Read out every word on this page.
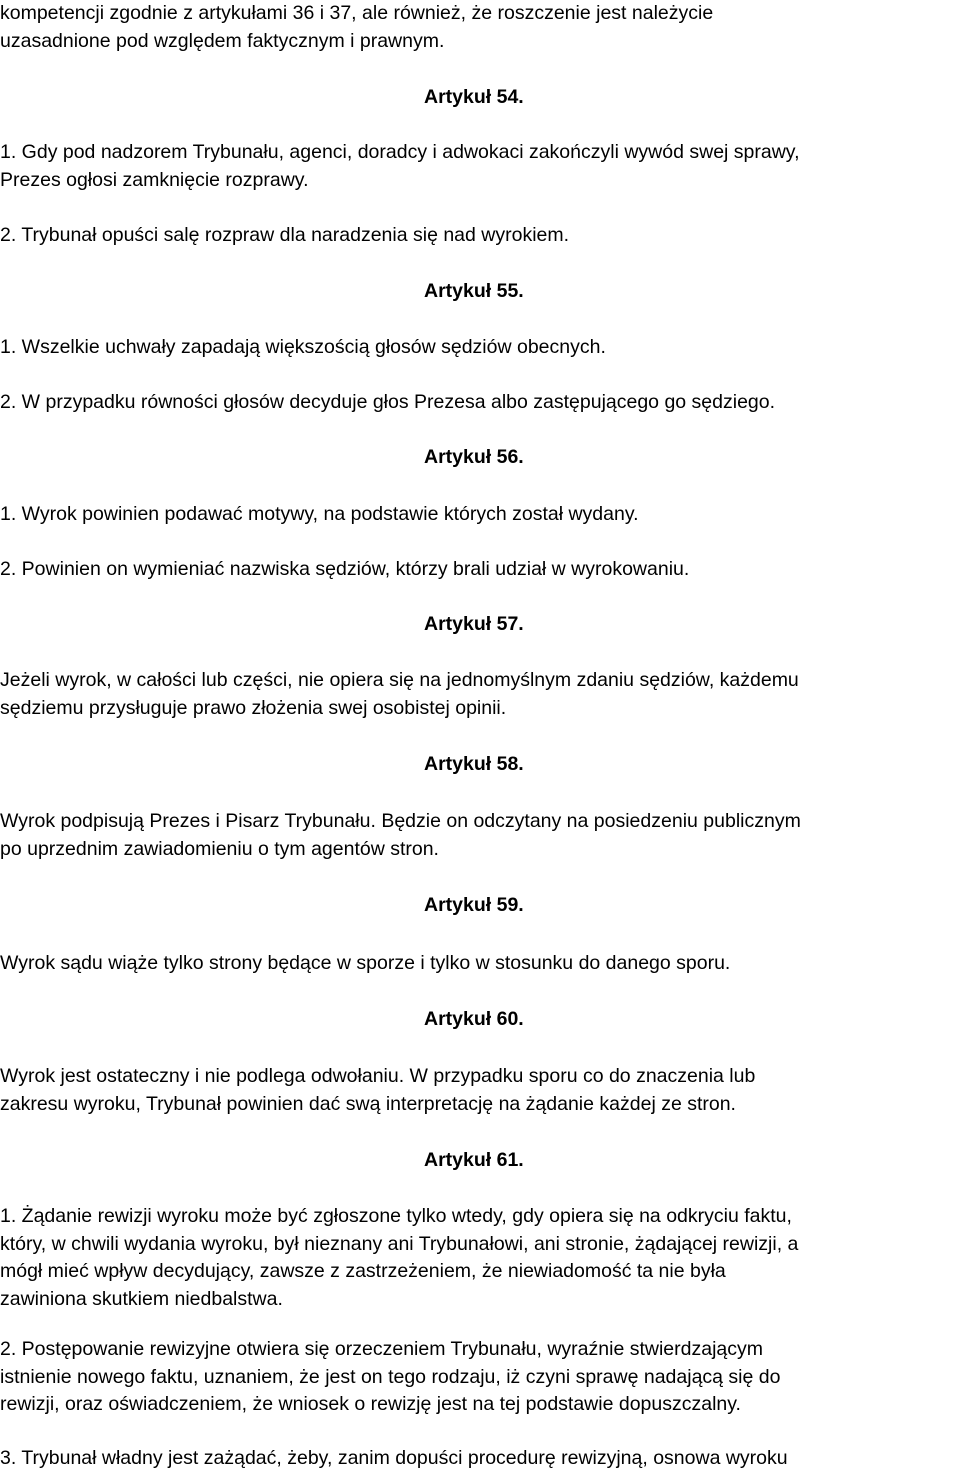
kompetencji zgodnie z artykułami 36 i 37, ale również, że roszczenie jest należycie
uzasadnione pod względem faktycznym i prawnym.

Artykuł 54.

1. Gdy pod nadzorem Trybunału, agenci, doradcy i adwokaci zakończyli wywód swej sprawy,
Prezes ogłosi zamknięcie rozprawy.

2. Trybunał opuści salę rozpraw dla naradzenia się nad wyrokiem.

Artykuł 55.

1. Wszelkie uchwały zapadają większością głosów sędziów obecnych.

2. W przypadku równości głosów decyduje głos Prezesa albo zastępującego go sędziego.

Artykuł 56.

1. Wyrok powinien podawać motywy, na podstawie których został wydany.

2. Powinien on wymieniać nazwiska sędziów, którzy brali udział w wyrokowaniu.

Artykuł 57.

Jeżeli wyrok, w całości lub części, nie opiera się na jednomyślnym zdaniu sędziów, każdemu
sędziemu przysługuje prawo złożenia swej osobistej opinii.

Artykuł 58.

Wyrok podpisują Prezes i Pisarz Trybunału. Będzie on odczytany na posiedzeniu publicznym
po uprzednim zawiadomieniu o tym agentów stron.

Artykuł 59.

Wyrok sądu wiąże tylko strony będące w sporze i tylko w stosunku do danego sporu.

Artykuł 60.

Wyrok jest ostateczny i nie podlega odwołaniu. W przypadku sporu co do znaczenia lub
zakresu wyroku, Trybunał powinien dać swą interpretację na żądanie każdej ze stron.

Artykuł 61.

1. Żądanie rewizji wyroku może być zgłoszone tylko wtedy, gdy opiera się na odkryciu faktu,
który, w chwili wydania wyroku, był nieznany ani Trybunałowi, ani stronie, żądającej rewizji, a
mógł mieć wpływ decydujący, zawsze z zastrzeżeniem, że niewiadomość ta nie była
zawiniona skutkiem niedbalstwa.

2. Postępowanie rewizyjne otwiera się orzeczeniem Trybunału, wyraźnie stwierdzającym
istnienie nowego faktu, uznaniem, że jest on tego rodzaju, iż czyni sprawę nadającą się do
rewizji, oraz oświadczeniem, że wniosek o rewizję jest na tej podstawie dopuszczalny.

3. Trybunał władny jest zażądać, żeby, zanim dopuści procedurę rewizyjną, osnowa wyroku
